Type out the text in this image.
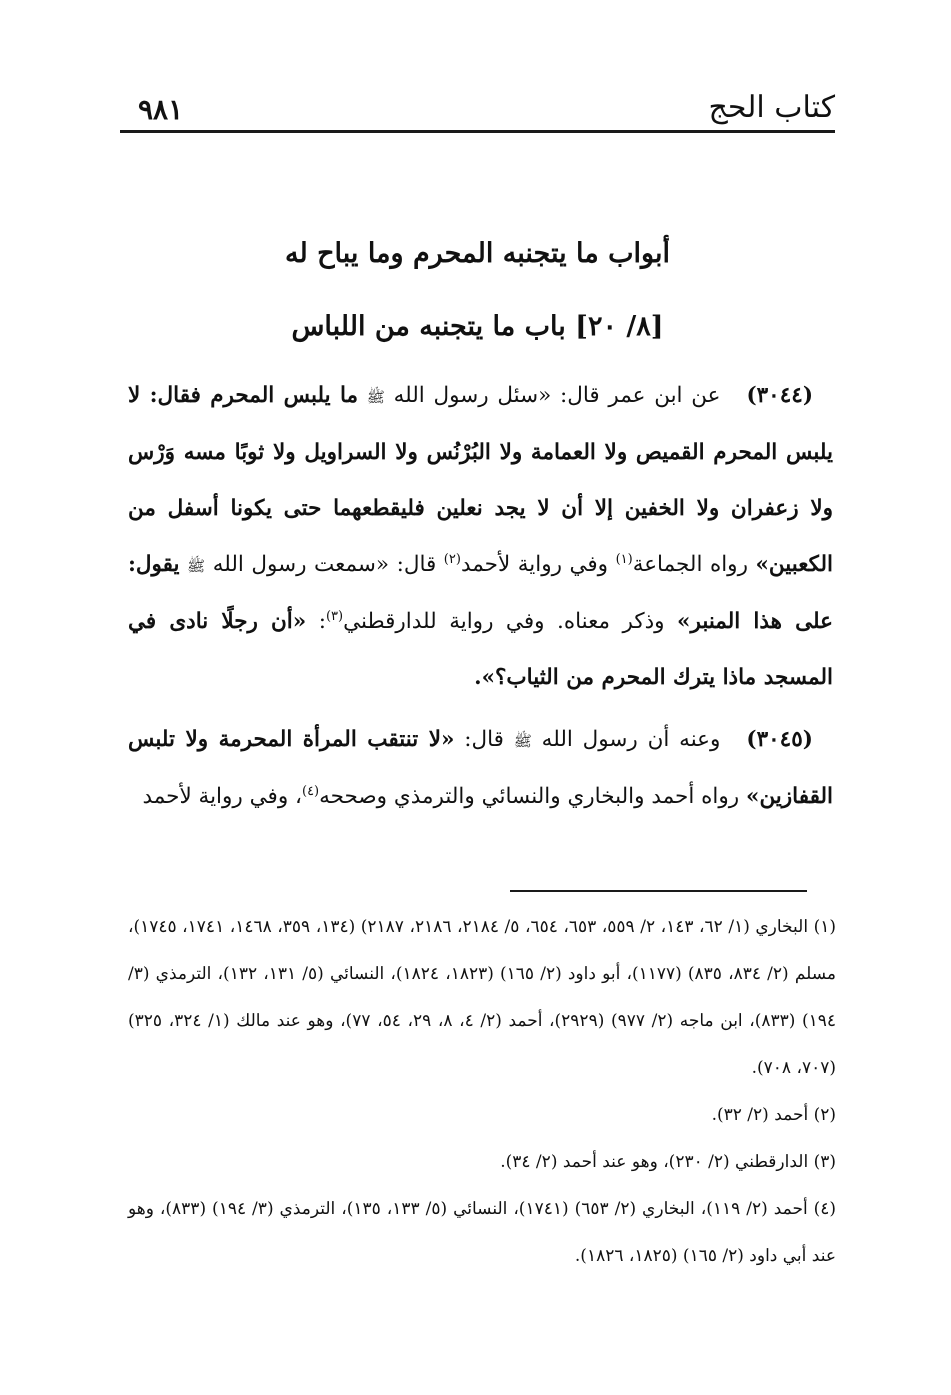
كتاب الحج
٩٨١
أبواب ما يتجنبه المحرم وما يباح له
[٨/ ٢٠] باب ما يتجنبه من اللباس

(٣٠٤٤)عن ابن عمر قال: «سئل رسول الله ﷺ ما يلبس المحرم فقال: لا يلبس المحرم القميص ولا العمامة ولا البُرْنُس ولا السراويل ولا ثوبًا مسه وَرْس ولا زعفران ولا الخفين إلا أن لا يجد نعلين فليقطعهما حتى يكونا أسفل من الكعبين» رواه الجماعة$^{(١)}$ وفي رواية لأحمد$^{(٢)}$ قال: «سمعت رسول الله ﷺ يقول: على هذا المنبر» وذكر معناه. وفي رواية للدارقطني$^{(٣)}$: «أن رجلًا نادى في المسجد ماذا يترك المحرم من الثياب؟».

(٣٠٤٥)وعنه أن رسول الله ﷺ قال: «لا تنتقب المرأة المحرمة ولا تلبس القفازين» رواه أحمد والبخاري والنسائي والترمذي وصححه$^{(٤)}$، وفي رواية لأحمد

(١) البخاري (١/ ٦٢، ١٤٣، ٢/ ٥٥٩، ٦٥٣، ٦٥٤، ٥/ ٢١٨٤، ٢١٨٦، ٢١٨٧) (١٣٤، ٣٥٩، ١٤٦٨، ١٧٤١، ١٧٤٥)، مسلم (٢/ ٨٣٤، ٨٣٥) (١١٧٧)، أبو داود (٢/ ١٦٥) (١٨٢٣، ١٨٢٤)، النسائي (٥/ ١٣١، ١٣٢)، الترمذي (٣/ ١٩٤) (٨٣٣)، ابن ماجه (٢/ ٩٧٧) (٢٩٢٩)، أحمد (٢/ ٤، ٨، ٢٩، ٥٤، ٧٧)، وهو عند مالك (١/ ٣٢٤، ٣٢٥) (٧٠٧، ٧٠٨).

(٢) أحمد (٢/ ٣٢).

(٣) الدارقطني (٢/ ٢٣٠)، وهو عند أحمد (٢/ ٣٤).

(٤) أحمد (٢/ ١١٩)، البخاري (٢/ ٦٥٣) (١٧٤١)، النسائي (٥/ ١٣٣، ١٣٥)، الترمذي (٣/ ١٩٤) (٨٣٣)، وهو عند أبي داود (٢/ ١٦٥) (١٨٢٥، ١٨٢٦).
